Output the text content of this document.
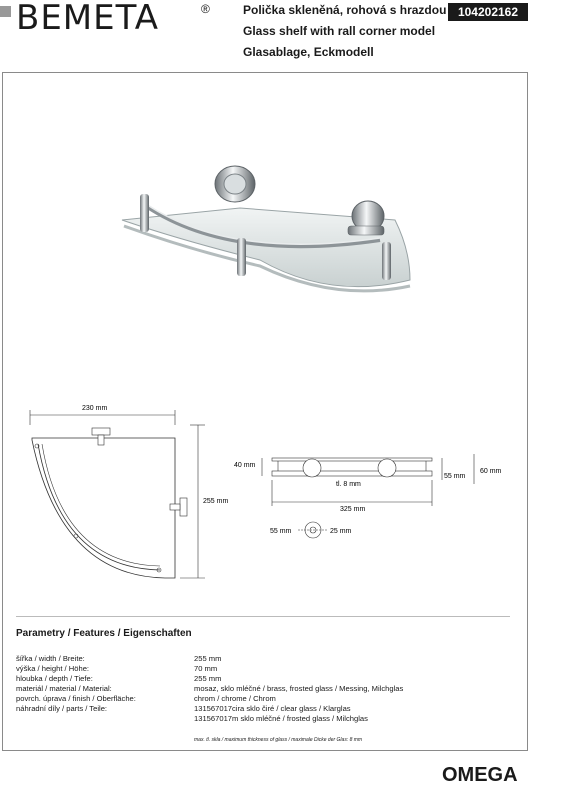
BEMETA	®	Polička skleněná, rohová s hrazdou
Glass shelf with rall corner model
Glasablage, Eckmodell
104202162
230 mm
255 mm
40 mm
tl. 8 mm
55 mm
60 mm
325 mm
55 mm	25 mm
Parametry / Features / Eigenschaften
šířka / width / Breite:	255 mm
výška / height / Höhe:	70 mm
hloubka / depth / Tiefe:	255 mm
materiál / material / Material:	mosaz, sklo mléčné / brass, frosted glass / Messing, Milchglas
povrch. úprava / finish / Oberfläche:	chrom / chrome / Chrom
náhradní díly / parts / Teile:	131567017cira sklo čiré / clear glass / Klarglas
131567017m sklo mléčné / frosted glass / Milchglas
max. tl. skla / maximum thickness of glass / maximale Dicke der Glas: 8 mm
OMEGA
